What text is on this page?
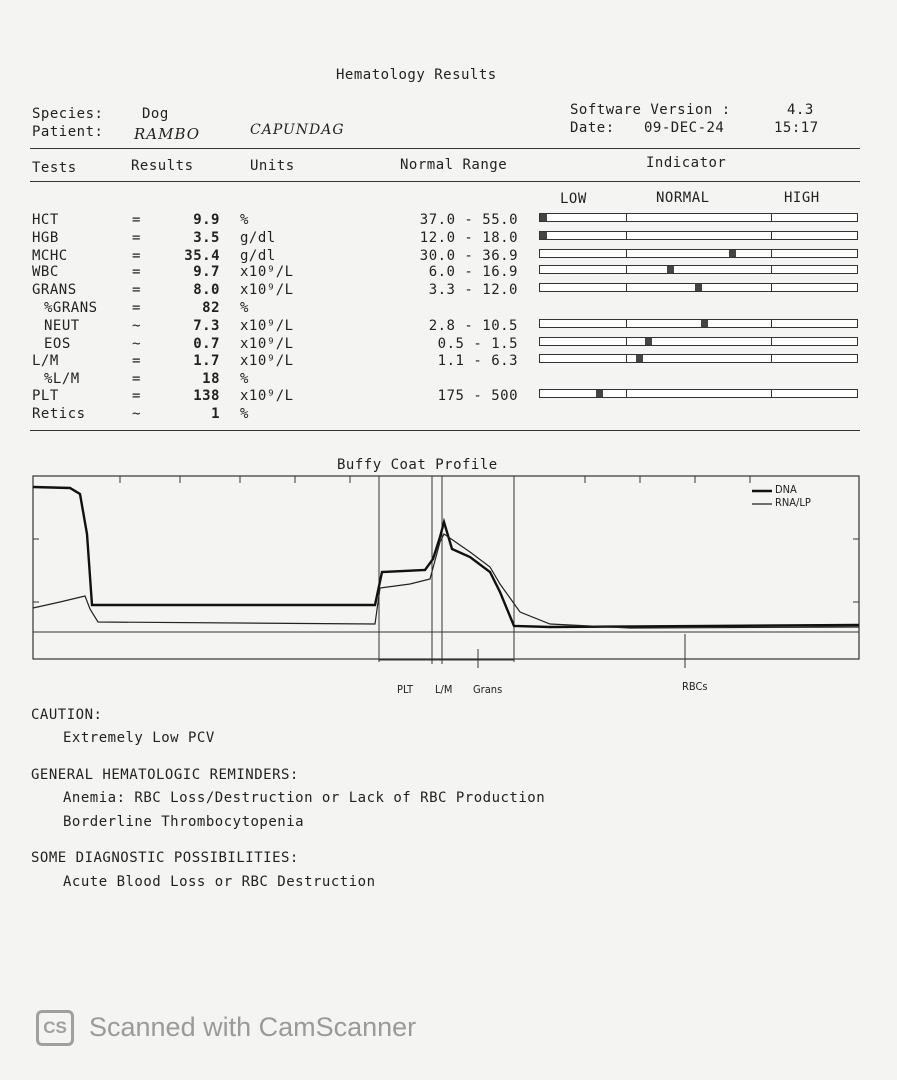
Hematology Results
Species:	Dog
Patient: RAMBO	CAPUNDAG
Software Version :	4.3
Date: 09-DEC-24	15:17
Tests	Results	Units	Normal Range	Indicator
LOW	NORMAL	HIGH
HCT	=	9.9 %	37.0 - 55.0
HGB	=	3.5 g/dl	12.0 - 18.0
MCHC	=	35.4 g/dl	30.0 - 36.9
WBC	=	9.7 x10⁹/L	6.0 - 16.9
GRANS	=	8.0 x10⁹/L	3.3 - 12.0
%GRANS =	82 %
NEUT	~	7.3 x10⁹/L	2.8 - 10.5
EOS	~	0.7 x10⁹/L	0.5 - 1.5
L/M	=	1.7 x10⁹/L	1.1 - 6.3
%L/M	=	18 %
PLT	=	138 x10⁹/L	175 - 500
Retics	~	1 %
Buffy Coat Profile
DNA
RNA/LP
PLT L/M Grans	RBCs
CAUTION:
Extremely Low PCV
GENERAL HEMATOLOGIC REMINDERS:
Anemia: RBC Loss/Destruction or Lack of RBC Production
Borderline Thrombocytopenia
SOME DIAGNOSTIC POSSIBILITIES:
Acute Blood Loss or RBC Destruction
CS Scanned with CamScanner
